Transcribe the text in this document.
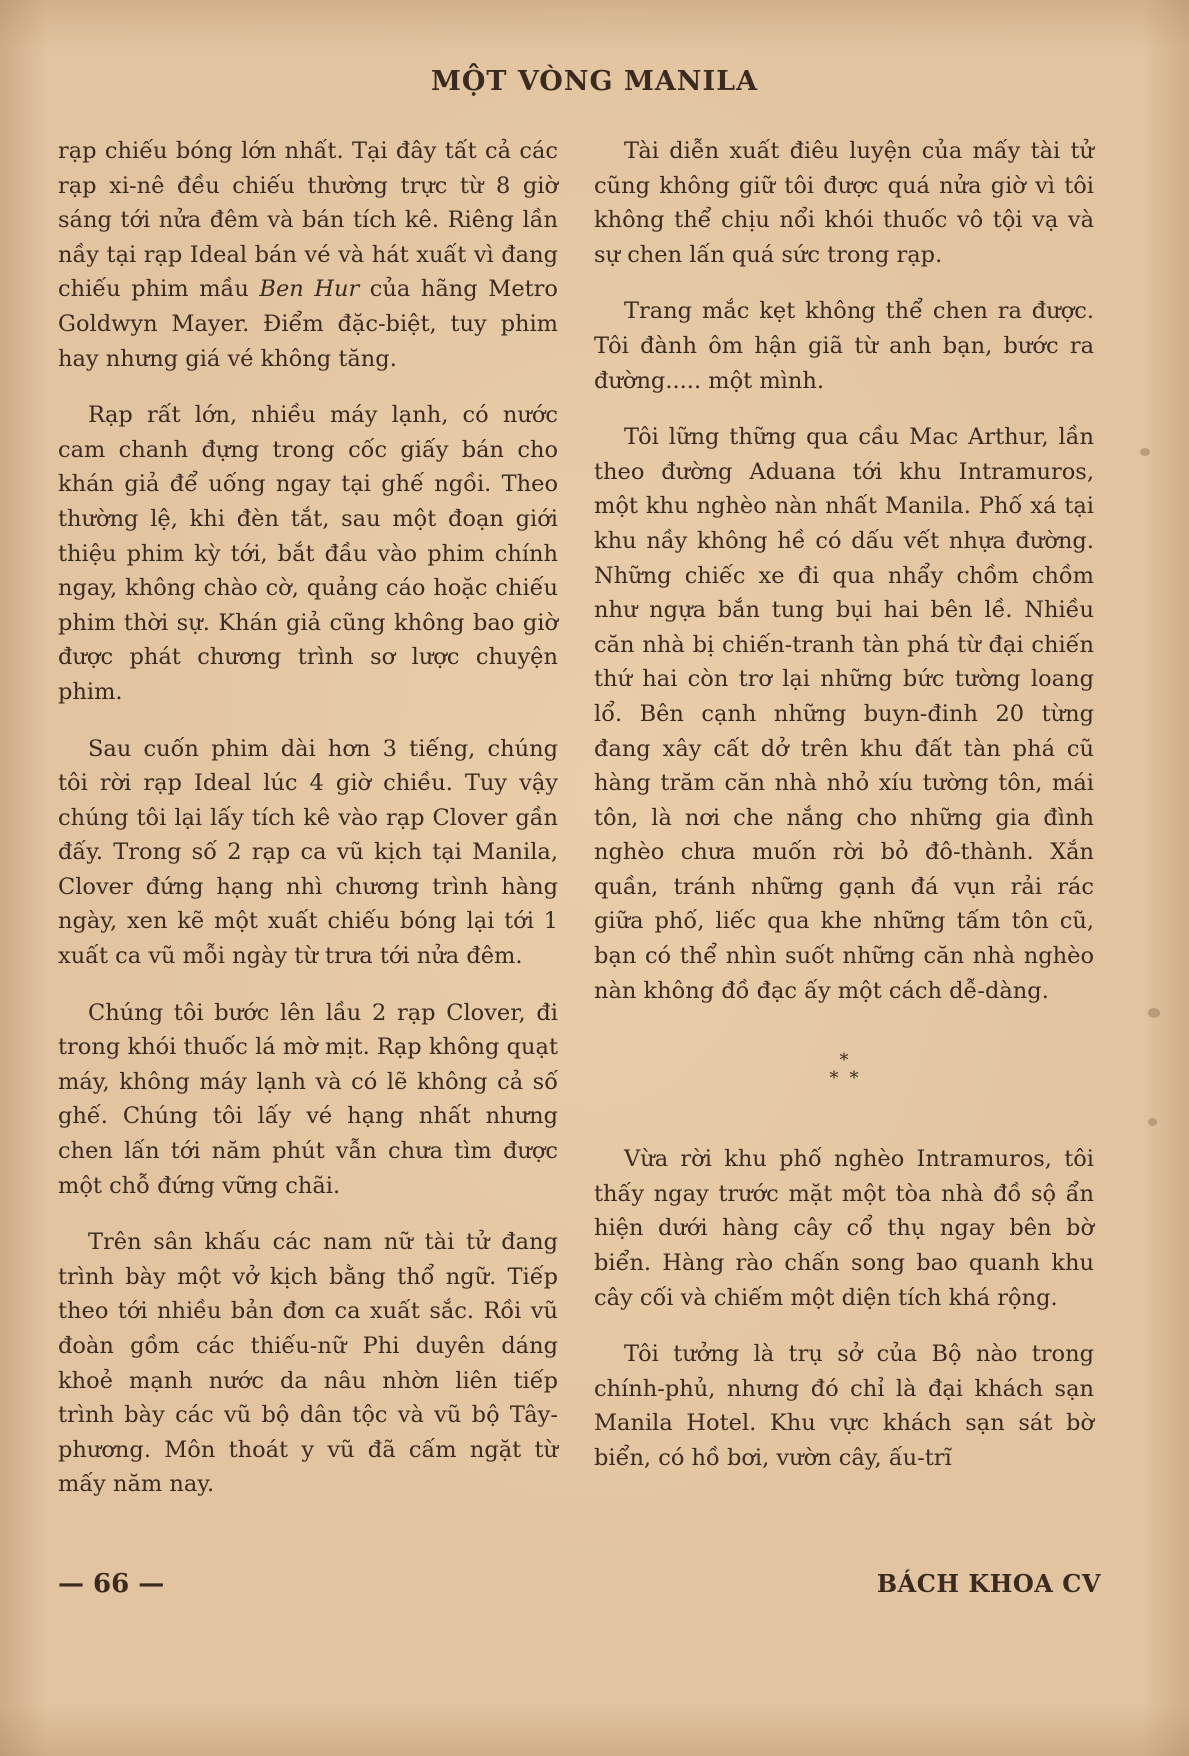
MỘT VÒNG MANILA

rạp chiếu bóng lớn nhất. Tại đây tất cả các rạp xi-nê đều chiếu thường trực từ 8 giờ sáng tới nửa đêm và bán tích kê. Riêng lần nầy tại rạp Ideal bán vé và hát xuất vì đang chiếu phim mầu Ben Hur của hãng Metro Goldwyn Mayer. Điểm đặc-biệt, tuy phim hay nhưng giá vé không tăng.

Rạp rất lớn, nhiều máy lạnh, có nước cam chanh đựng trong cốc giấy bán cho khán giả để uống ngay tại ghế ngồi. Theo thường lệ, khi đèn tắt, sau một đoạn giới thiệu phim kỳ tới, bắt đầu vào phim chính ngay, không chào cờ, quảng cáo hoặc chiếu phim thời sự. Khán giả cũng không bao giờ được phát chương trình sơ lược chuyện phim.

Sau cuốn phim dài hơn 3 tiếng, chúng tôi rời rạp Ideal lúc 4 giờ chiều. Tuy vậy chúng tôi lại lấy tích kê vào rạp Clover gần đấy. Trong số 2 rạp ca vũ kịch tại Manila, Clover đứng hạng nhì chương trình hàng ngày, xen kẽ một xuất chiếu bóng lại tới 1 xuất ca vũ mỗi ngày từ trưa tới nửa đêm.

Chúng tôi bước lên lầu 2 rạp Clover, đi trong khói thuốc lá mờ mịt. Rạp không quạt máy, không máy lạnh và có lẽ không cả số ghế. Chúng tôi lấy vé hạng nhất nhưng chen lấn tới năm phút vẫn chưa tìm được một chỗ đứng vững chãi.

Trên sân khấu các nam nữ tài tử đang trình bày một vở kịch bằng thổ ngữ. Tiếp theo tới nhiều bản đơn ca xuất sắc. Rồi vũ đoàn gồm các thiếu-nữ Phi duyên dáng khoẻ mạnh nước da nâu nhờn liên tiếp trình bày các vũ bộ dân tộc và vũ bộ Tây-phương. Môn thoát y vũ đã cấm ngặt từ mấy năm nay.

Tài diễn xuất điêu luyện của mấy tài tử cũng không giữ tôi được quá nửa giờ vì tôi không thể chịu nổi khói thuốc vô tội vạ và sự chen lấn quá sức trong rạp.

Trang mắc kẹt không thể chen ra được. Tôi đành ôm hận giã từ anh bạn, bước ra đường..... một mình.

Tôi lững thững qua cầu Mac Arthur, lần theo đường Aduana tới khu Intramuros, một khu nghèo nàn nhất Manila. Phố xá tại khu nầy không hề có dấu vết nhựa đường. Những chiếc xe đi qua nhẩy chồm chồm như ngựa bắn tung bụi hai bên lề. Nhiều căn nhà bị chiến-tranh tàn phá từ đại chiến thứ hai còn trơ lại những bức tường loang lổ. Bên cạnh những buyn-đinh 20 từng đang xây cất dở trên khu đất tàn phá cũ hàng trăm căn nhà nhỏ xíu tường tôn, mái tôn, là nơi che nắng cho những gia đình nghèo chưa muốn rời bỏ đô-thành. Xắn quần, tránh những gạnh đá vụn rải rác giữa phố, liếc qua khe những tấm tôn cũ, bạn có thể nhìn suốt những căn nhà nghèo nàn không đồ đạc ấy một cách dễ-dàng.

*
* *

Vừa rời khu phố nghèo Intramuros, tôi thấy ngay trước mặt một tòa nhà đồ sộ ẩn hiện dưới hàng cây cổ thụ ngay bên bờ biển. Hàng rào chấn song bao quanh khu cây cối và chiếm một diện tích khá rộng.

Tôi tưởng là trụ sở của Bộ nào trong chính-phủ, nhưng đó chỉ là đại khách sạn Manila Hotel. Khu vực khách sạn sát bờ biển, có hồ bơi, vườn cây, ấu-trĩ

— 66 —	BÁCH KHOA CV
